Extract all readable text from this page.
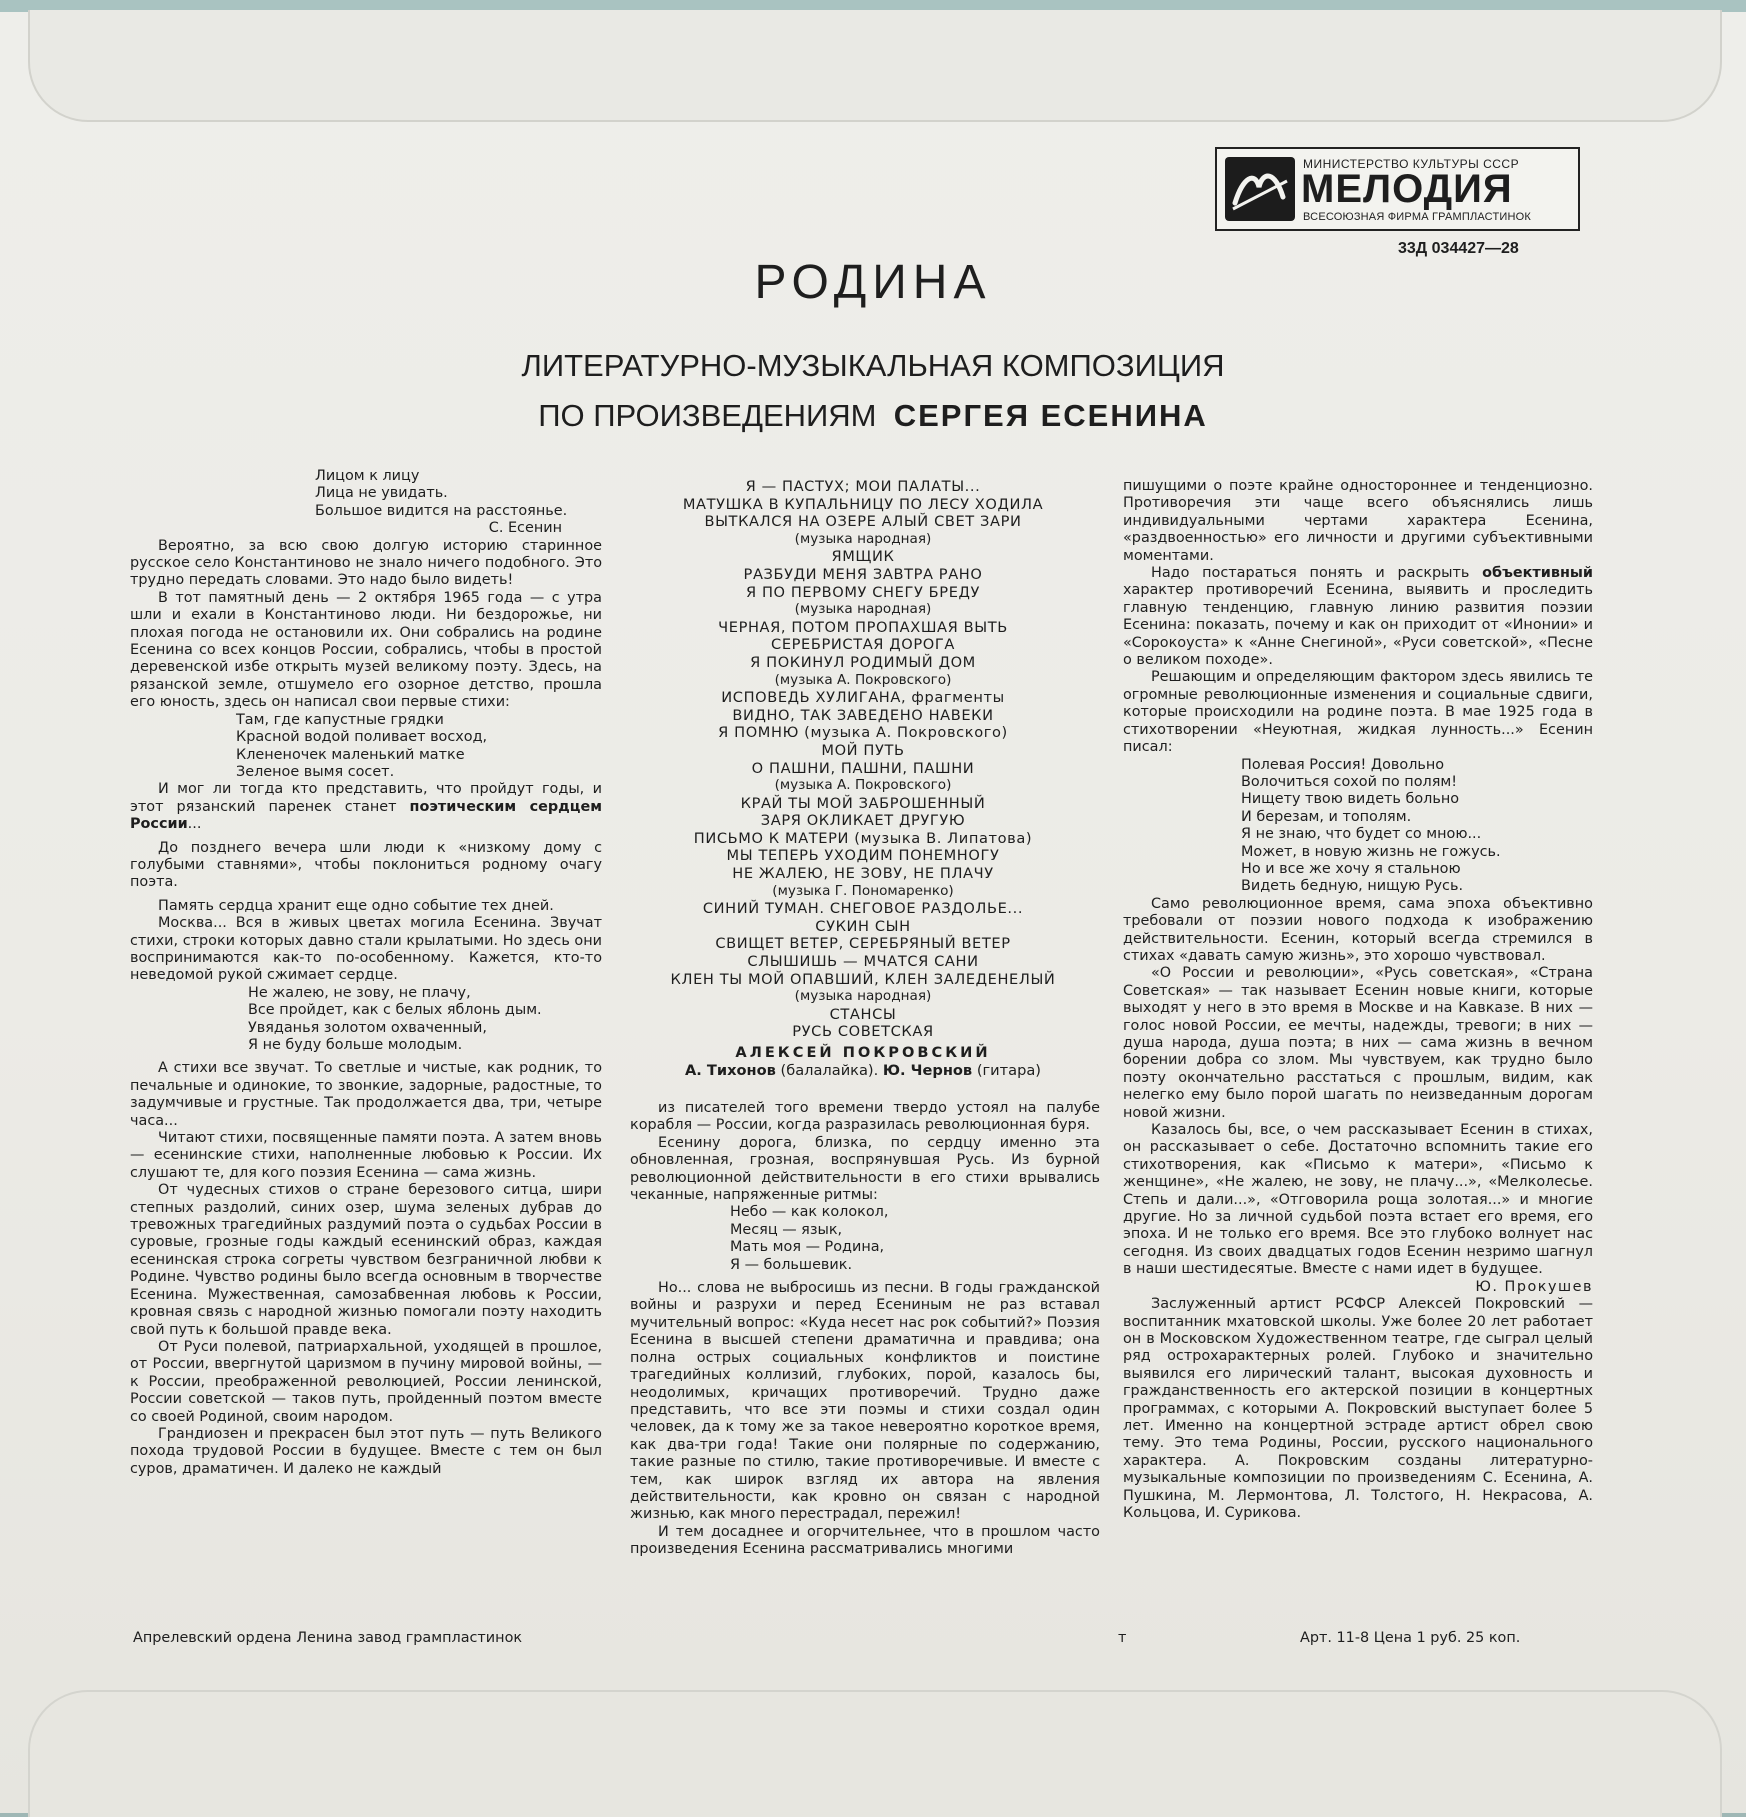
МИНИСТЕРСТВО КУЛЬТУРЫ СССР
МЕЛОДИЯ
ВСЕСОЮЗНАЯ ФИРМА ГРАМПЛАСТИНОК
33Д 034427—28
РОДИНА
ЛИТЕРАТУРНО-МУЗЫКАЛЬНАЯ КОМПОЗИЦИЯ
ПО ПРОИЗВЕДЕНИЯМ СЕРГЕЯ ЕСЕНИНА

Лицом к лицу

Лица не увидать.

Большое видится на расстоянье.

С. Есенин

Вероятно, за всю свою долгую историю старинное русское село Константиново не знало ничего подобного. Это трудно передать словами. Это надо было видеть!

В тот памятный день — 2 октября 1965 года — с утра шли и ехали в Константиново люди. Ни бездорожье, ни плохая погода не остановили их. Они собрались на родине Есенина со всех концов России, собрались, чтобы в простой деревенской избе открыть музей великому поэту. Здесь, на рязанской земле, отшумело его озорное детство, прошла его юность, здесь он написал свои первые стихи:

Там, где капустные грядки

Красной водой поливает восход,

Клененочек маленький матке

Зеленое вымя сосет.

И мог ли тогда кто представить, что пройдут годы, и этот рязанский паренек станет поэтическим сердцем России...

До позднего вечера шли люди к «низкому дому с голубыми ставнями», чтобы поклониться родному очагу поэта.

Память сердца хранит еще одно событие тех дней.

Москва... Вся в живых цветах могила Есенина. Звучат стихи, строки которых давно стали крылатыми. Но здесь они воспринимаются как-то по-особенному. Кажется, кто-то неведомой рукой сжимает сердце.

Не жалею, не зову, не плачу,

Все пройдет, как с белых яблонь дым.

Увяданья золотом охваченный,

Я не буду больше молодым.

А стихи все звучат. То светлые и чистые, как родник, то печальные и одинокие, то звонкие, задорные, радостные, то задумчивые и грустные. Так продолжается два, три, четыре часа...

Читают стихи, посвященные памяти поэта. А затем вновь — есенинские стихи, наполненные любовью к России. Их слушают те, для кого поэзия Есенина — сама жизнь.

От чудесных стихов о стране березового ситца, шири степных раздолий, синих озер, шума зеленых дубрав до тревожных трагедийных раздумий поэта о судьбах России в суровые, грозные годы каждый есенинский образ, каждая есенинская строка согреты чувством безграничной любви к Родине. Чувство родины было всегда основным в творчестве Есенина. Мужественная, самозабвенная любовь к России, кровная связь с народной жизнью помогали поэту находить свой путь к большой правде века.

От Руси полевой, патриархальной, уходящей в прошлое, от России, ввергнутой царизмом в пучину мировой войны, — к России, преображенной революцией, России ленинской, России советской — таков путь, пройденный поэтом вместе со своей Родиной, своим народом.

Грандиозен и прекрасен был этот путь — путь Великого похода трудовой России в будущее. Вместе с тем он был суров, драматичен. И далеко не каждый

Я — ПАСТУХ; МОИ ПАЛАТЫ...
МАТУШКА В КУПАЛЬНИЦУ ПО ЛЕСУ ХОДИЛА
ВЫТКАЛСЯ НА ОЗЕРЕ АЛЫЙ СВЕТ ЗАРИ
(музыка народная)
ЯМЩИК
РАЗБУДИ МЕНЯ ЗАВТРА РАНО
Я ПО ПЕРВОМУ СНЕГУ БРЕДУ
(музыка народная)
ЧЕРНАЯ, ПОТОМ ПРОПАХШАЯ ВЫТЬ
СЕРЕБРИСТАЯ ДОРОГА
Я ПОКИНУЛ РОДИМЫЙ ДОМ
(музыка А. Покровского)
ИСПОВЕДЬ ХУЛИГАНА, фрагменты
ВИДНО, ТАК ЗАВЕДЕНО НАВЕКИ
Я ПОМНЮ (музыка А. Покровского)
МОЙ ПУТЬ
О ПАШНИ, ПАШНИ, ПАШНИ
(музыка А. Покровского)
КРАЙ ТЫ МОЙ ЗАБРОШЕННЫЙ
ЗАРЯ ОКЛИКАЕТ ДРУГУЮ
ПИСЬМО К МАТЕРИ (музыка В. Липатова)
МЫ ТЕПЕРЬ УХОДИМ ПОНЕМНОГУ
НЕ ЖАЛЕЮ, НЕ ЗОВУ, НЕ ПЛАЧУ
(музыка Г. Пономаренко)
СИНИЙ ТУМАН. СНЕГОВОЕ РАЗДОЛЬЕ...
СУКИН СЫН
СВИЩЕТ ВЕТЕР, СЕРЕБРЯНЫЙ ВЕТЕР
СЛЫШИШЬ — МЧАТСЯ САНИ
КЛЕН ТЫ МОЙ ОПАВШИЙ, КЛЕН ЗАЛЕДЕНЕЛЫЙ
(музыка народная)
СТАНСЫ
РУСЬ СОВЕТСКАЯ
АЛЕКСЕЙ ПОКРОВСКИЙ
А. Тихонов (балалайка). Ю. Чернов (гитара)

из писателей того времени твердо устоял на палубе корабля — России, когда разразилась революционная буря.

Есенину дорога, близка, по сердцу именно эта обновленная, грозная, воспрянувшая Русь. Из бурной революционной действительности в его стихи врывались чеканные, напряженные ритмы:

Небо — как колокол,

Месяц — язык,

Мать моя — Родина,

Я — большевик.

Но... слова не выбросишь из песни. В годы гражданской войны и разрухи и перед Есениным не раз вставал мучительный вопрос: «Куда несет нас рок событий?» Поэзия Есенина в высшей степени драматична и правдива; она полна острых социальных конфликтов и поистине трагедийных коллизий, глубоких, порой, казалось бы, неодолимых, кричащих противоречий. Трудно даже представить, что все эти поэмы и стихи создал один человек, да к тому же за такое невероятно короткое время, как два-три года! Такие они полярные по содержанию, такие разные по стилю, такие противоречивые. И вместе с тем, как широк взгляд их автора на явления действительности, как кровно он связан с народной жизнью, как много перестрадал, пережил!

И тем досаднее и огорчительнее, что в прошлом часто произведения Есенина рассматривались многими

пишущими о поэте крайне одностороннее и тенденциозно. Противоречия эти чаще всего объяснялись лишь индивидуальными чертами характера Есенина, «раздвоенностью» его личности и другими субъективными моментами.

Надо постараться понять и раскрыть объективный характер противоречий Есенина, выявить и проследить главную тенденцию, главную линию развития поэзии Есенина: показать, почему и как он приходит от «Инонии» и «Сорокоуста» к «Анне Снегиной», «Руси советской», «Песне о великом походе».

Решающим и определяющим фактором здесь явились те огромные революционные изменения и социальные сдвиги, которые происходили на родине поэта. В мае 1925 года в стихотворении «Неуютная, жидкая лунность...» Есенин писал:

Полевая Россия! Довольно

Волочиться сохой по полям!

Нищету твою видеть больно

И березам, и тополям.

Я не знаю, что будет со мною...

Может, в новую жизнь не гожусь.

Но и все же хочу я стальною

Видеть бедную, нищую Русь.

Само революционное время, сама эпоха объективно требовали от поэзии нового подхода к изображению действительности. Есенин, который всегда стремился в стихах «давать самую жизнь», это хорошо чувствовал.

«О России и революции», «Русь советская», «Страна Советская» — так называет Есенин новые книги, которые выходят у него в это время в Москве и на Кавказе. В них — голос новой России, ее мечты, надежды, тревоги; в них — душа народа, душа поэта; в них — сама жизнь в вечном борении добра со злом. Мы чувствуем, как трудно было поэту окончательно расстаться с прошлым, видим, как нелегко ему было порой шагать по неизведанным дорогам новой жизни.

Казалось бы, все, о чем рассказывает Есенин в стихах, он рассказывает о себе. Достаточно вспомнить такие его стихотворения, как «Письмо к матери», «Письмо к женщине», «Не жалею, не зову, не плачу...», «Мелколесье. Степь и дали...», «Отговорила роща золотая...» и многие другие. Но за личной судьбой поэта встает его время, его эпоха. И не только его время. Все это глубоко волнует нас сегодня. Из своих двадцатых годов Есенин незримо шагнул в наши шестидесятые. Вместе с нами идет в будущее.

Ю. Прокушев

Заслуженный артист РСФСР Алексей Покровский — воспитанник мхатовской школы. Уже более 20 лет работает он в Московском Художественном театре, где сыграл целый ряд острохарактерных ролей. Глубоко и значительно выявился его лирический талант, высокая духовность и гражданственность его актерской позиции в концертных программах, с которыми А. Покровский выступает более 5 лет. Именно на концертной эстраде артист обрел свою тему. Это тема Родины, России, русского национального характера. А. Покровским созданы литературно-музыкальные композиции по произведениям С. Есенина, А. Пушкина, М. Лермонтова, Л. Толстого, Н. Некрасова, А. Кольцова, И. Сурикова.

Апрелевский ордена Ленина завод грампластинок	т	Арт. 11-8 Цена 1 руб. 25 коп.
